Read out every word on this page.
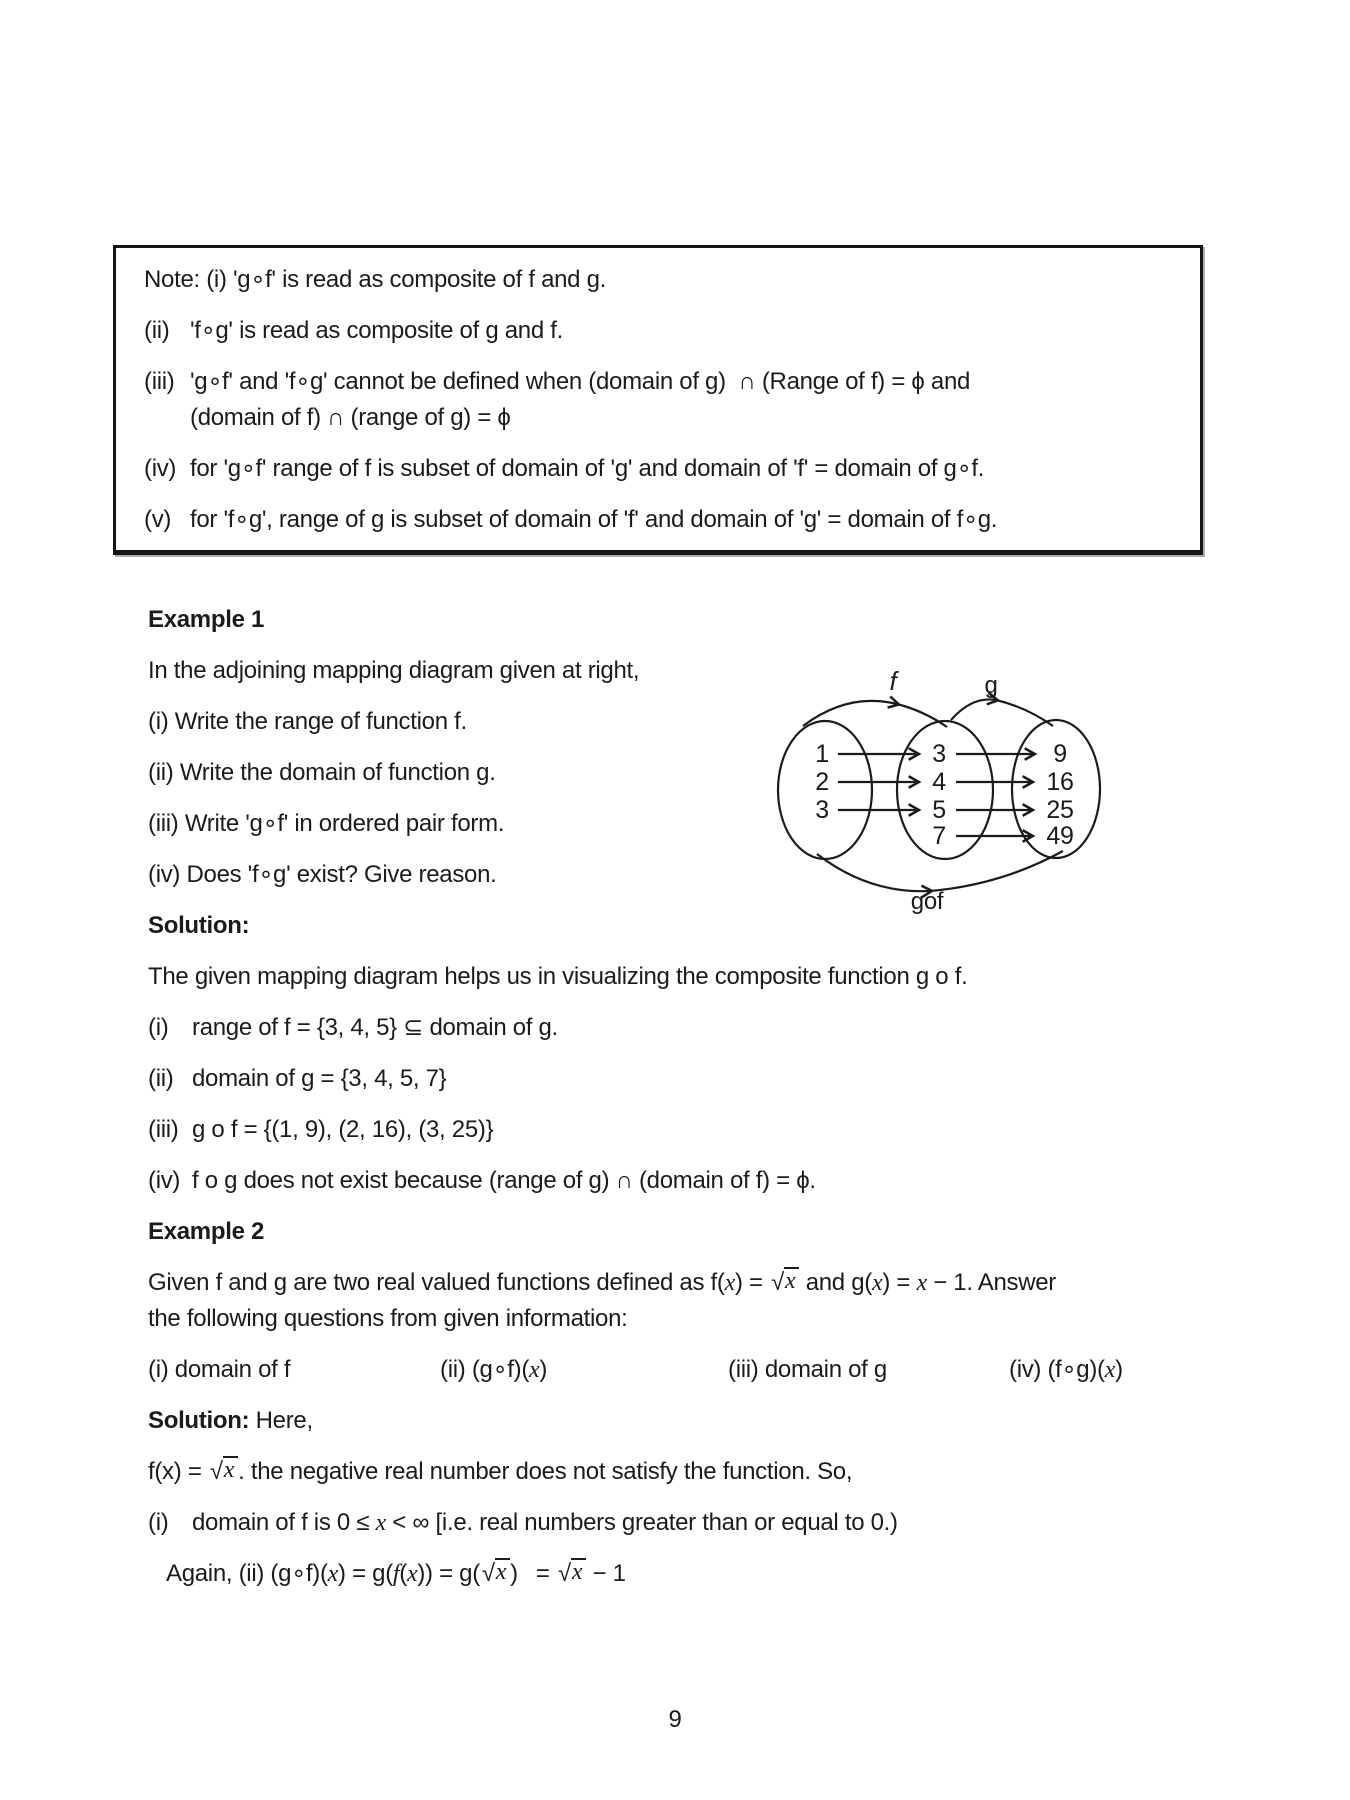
Note: (i) 'g∘f' is read as composite of f and g.
(ii) 'f∘g' is read as composite of g and f.
(iii) 'g∘f' and 'f∘g' cannot be defined when (domain of g)  ∩ (Range of f) = ϕ and
(domain of f) ∩ (range of g) = ϕ
(iv) for 'g∘f' range of f is subset of domain of 'g' and domain of 'f' = domain of g∘f.
(v) for 'f∘g', range of g is subset of domain of 'f' and domain of 'g' = domain of f∘g.
Example 1
In the adjoining mapping diagram given at right,
(i) Write the range of function f.
(ii) Write the domain of function g.
(iii) Write 'g∘f' in ordered pair form.
(iv) Does 'f∘g' exist? Give reason.
Solution:
The given mapping diagram helps us in visualizing the composite function g o f.
(i) range of f = {3, 4, 5} ⊆ domain of g.
(ii) domain of g = {3, 4, 5, 7}
(iii) g o f = {(1, 9), (2, 16), (3, 25)}
(iv) f o g does not exist because (range of g) ∩ (domain of f) = ϕ.
Example 2
Given f and g are two real valued functions defined as f(x) = √x and g(x) = x − 1. Answer
the following questions from given information:
(i) domain of f	(ii) (g∘f)(x)	(iii) domain of g	(iv) (f∘g)(x)
Solution: Here,
f(x) = √x . the negative real number does not satisfy the function. So,
(i) domain of f is 0 ≤ x < ∞ [i.e. real numbers greater than or equal to 0.)
Again, (ii) (g∘f)(x) = g(f(x)) = g(√x ) = √x − 1
f	g
gof
1
2
3
3
4
5
7
9
16
25
49
9
